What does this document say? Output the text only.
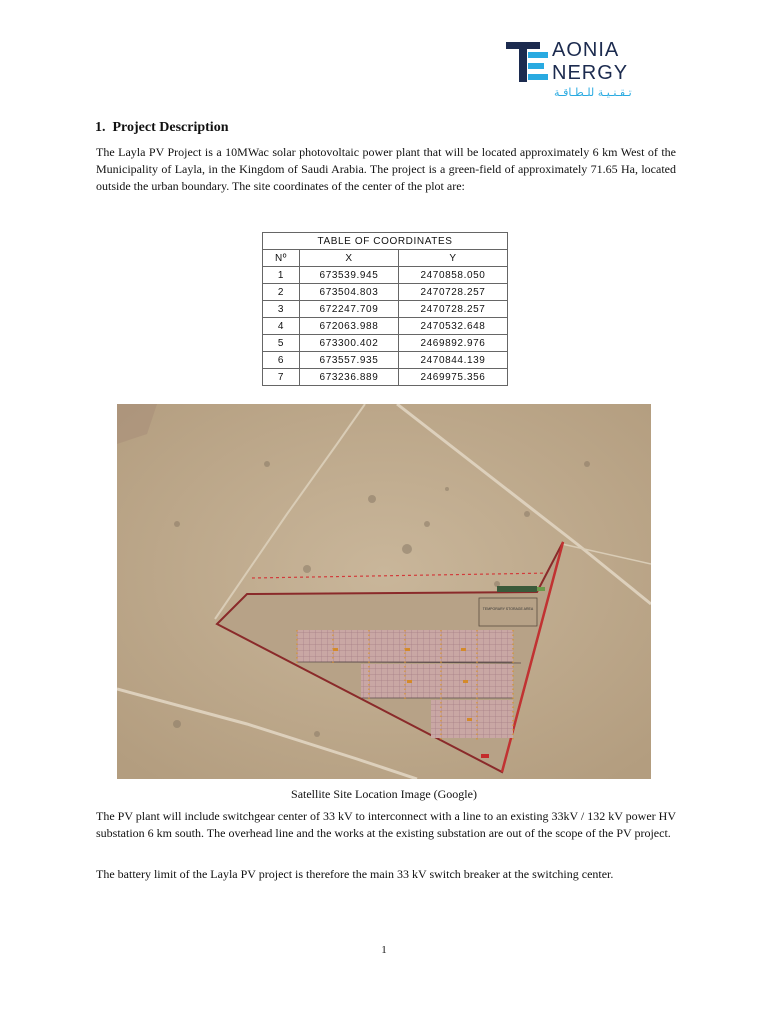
AONIA
NERGY
تـقـنـيـة للـطـاقـة
1. Project Description

The Layla PV Project is a 10MWac solar photovoltaic power plant that will be located approximately 6 km West of the Municipality of Layla, in the Kingdom of Saudi Arabia. The project is a green-field of approximately 71.65 Ha, located outside the urban boundary. The site coordinates of the center of the plot are:

TABLE OF COORDINATES		
Nº	X	Y
1	673539.945	2470858.050
2	673504.803	2470728.257
3	672247.709	2470728.257
4	672063.988	2470532.648
5	673300.402	2469892.976
6	673557.935	2470844.139
7	673236.889	2469975.356
TEMPORARY STORAGE AREA
Satellite Site Location Image (Google)

The PV plant will include switchgear center of 33 kV to interconnect with a line to an existing 33kV / 132 kV power HV substation 6 km south. The overhead line and the works at the existing substation are out of the scope of the PV project.

The battery limit of the Layla PV project is therefore the main 33 kV switch breaker at the switching center.

1
